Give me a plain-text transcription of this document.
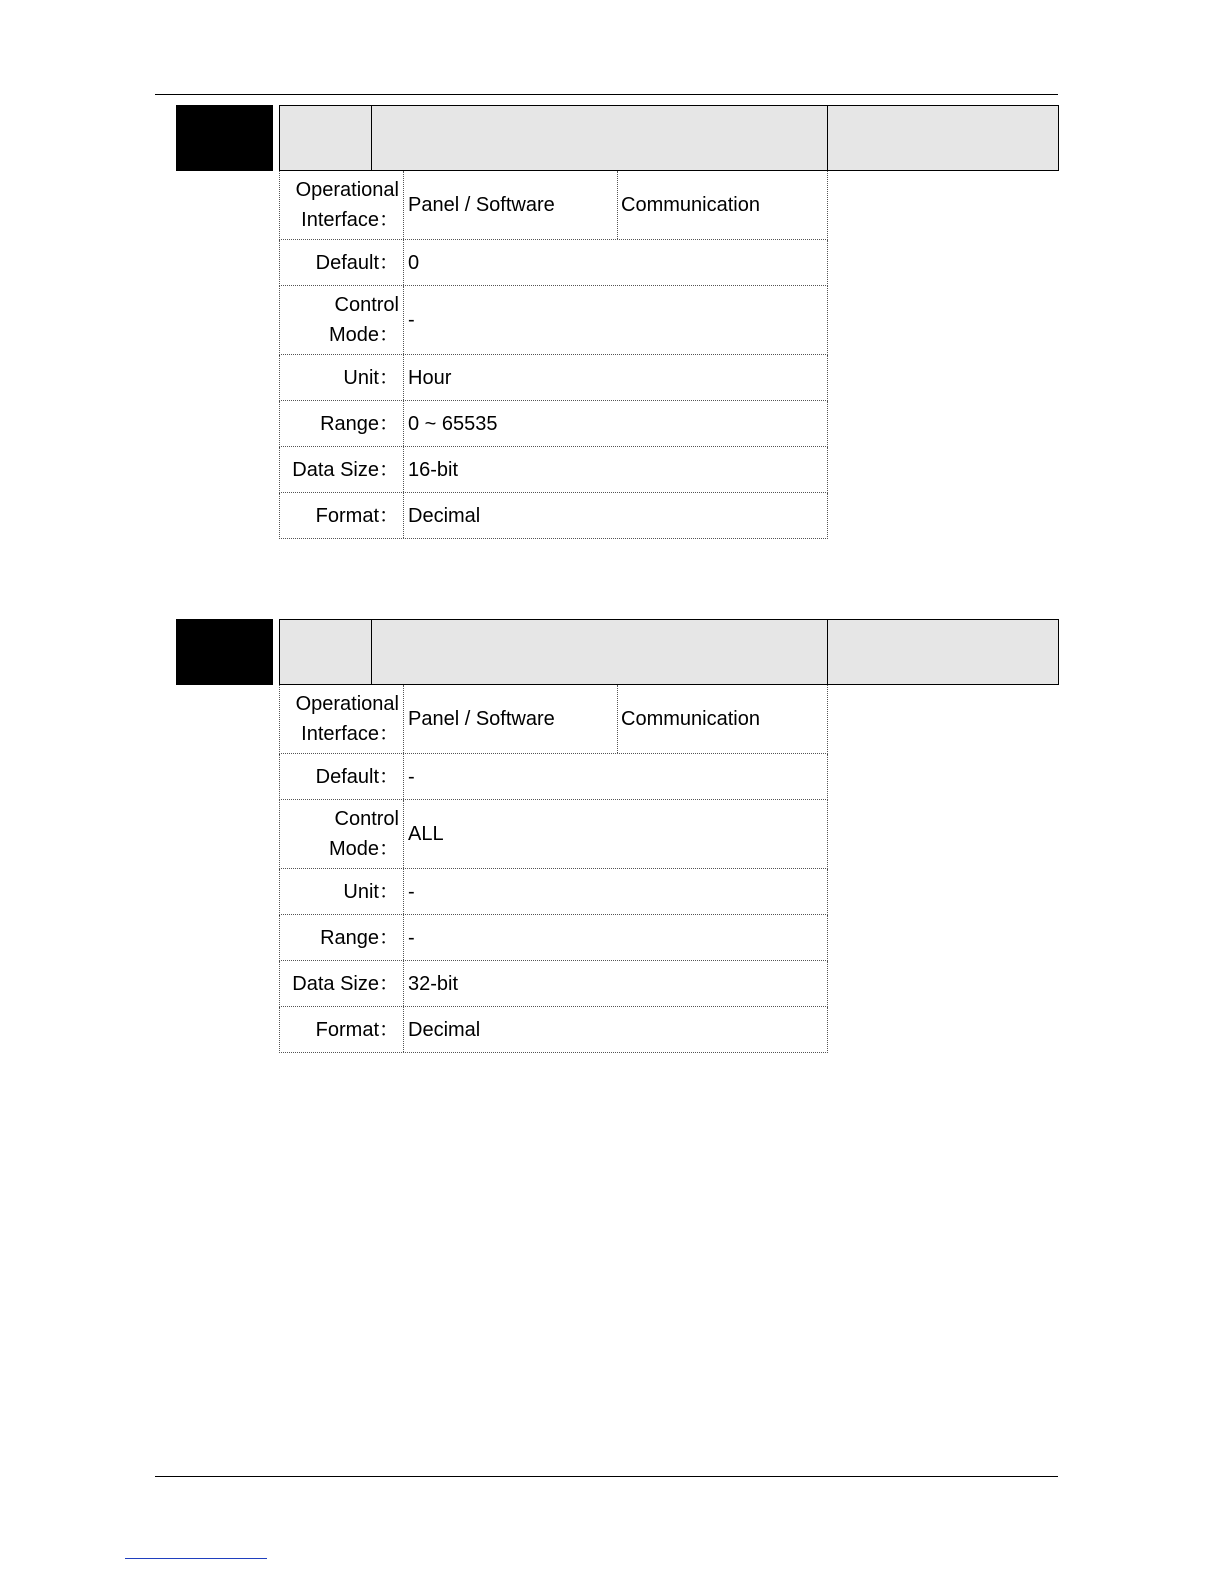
Operational
Interface：
Panel / Software	Communication
Default： 0
Control
Mode：
-
Unit： Hour
Range： 0 ~ 65535
Data Size： 16-bit
Format： Decimal
Operational
Interface：
Panel / Software	Communication
Default： -
Control
Mode：
ALL
Unit： -
Range： -
Data Size： 32-bit
Format： Decimal
